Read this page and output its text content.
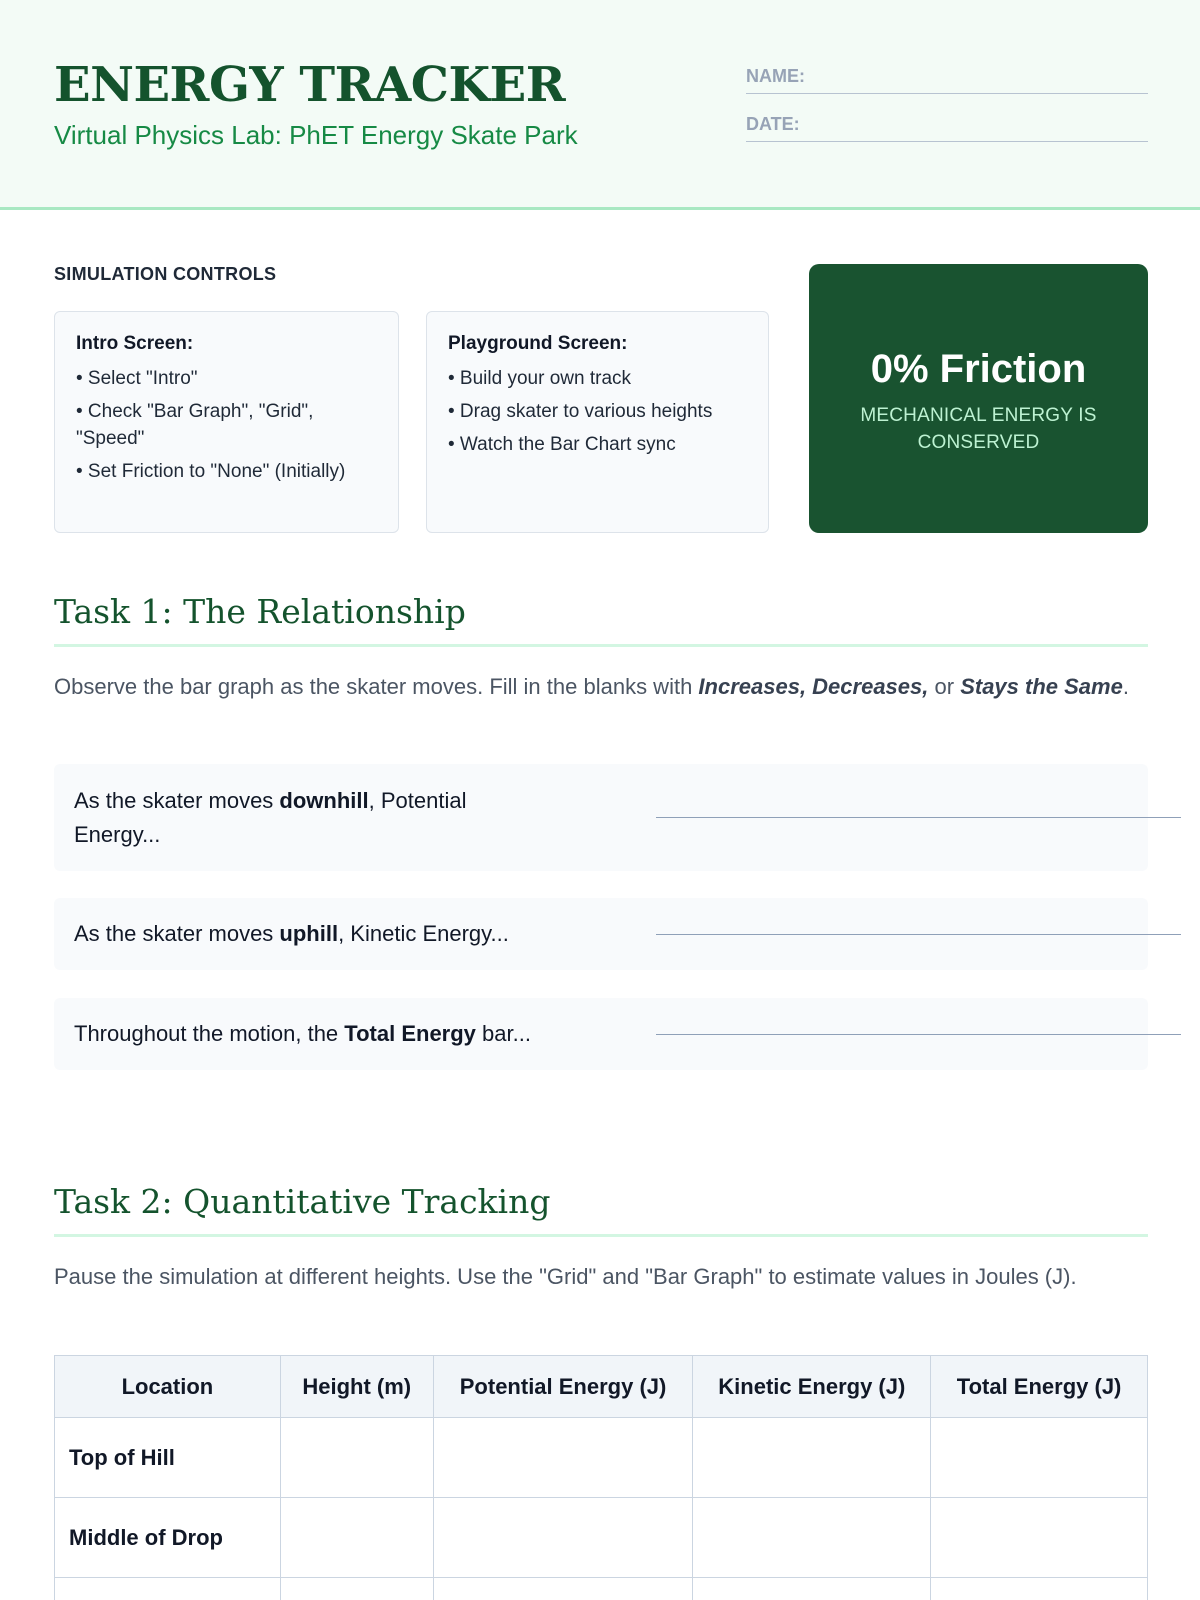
ENERGY TRACKER
Virtual Physics Lab: PhET Energy Skate Park
NAME:
DATE:
SIMULATION CONTROLS
Intro Screen:
• Select "Intro"
• Check "Bar Graph", "Grid", "Speed"
• Set Friction to "None" (Initially)
Playground Screen:
• Build your own track
• Drag skater to various heights
• Watch the Bar Chart sync
0% Friction
MECHANICAL ENERGY IS CONSERVED
Task 1: The Relationship
Observe the bar graph as the skater moves. Fill in the blanks with Increases, Decreases, or Stays the Same.
As the skater moves downhill, Potential Energy...
As the skater moves uphill, Kinetic Energy...
Throughout the motion, the Total Energy bar...
Task 2: Quantitative Tracking
Pause the simulation at different heights. Use the "Grid" and "Bar Graph" to estimate values in Joules (J).
Location	Height (m)	Potential Energy (J)	Kinetic Energy (J)	Total Energy (J)
Top of Hill				
Middle of Drop				
